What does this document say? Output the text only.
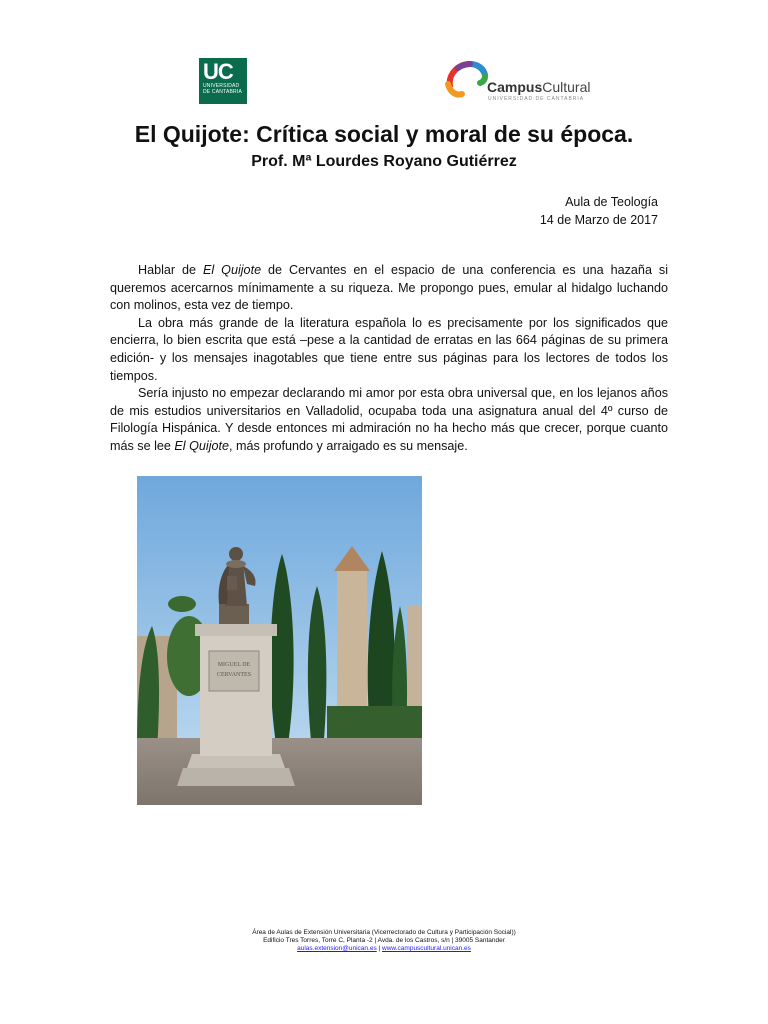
UC
UNIVERSIDAD
DE CANTABRIA	CampusCultural
UNIVERSIDAD DE CANTABRIA
El Quijote: Crítica social y moral de su época.
Prof. Mª Lourdes Royano Gutiérrez
Aula de Teología
14 de Marzo de 2017

Hablar de El Quijote de Cervantes en el espacio de una conferencia es una hazaña si queremos acercarnos mínimamente a su riqueza. Me propongo pues, emular al hidalgo luchando con molinos, esta vez de tiempo.

La obra más grande de la literatura española lo es precisamente por los significados que encierra, lo bien escrita que está –pese a la cantidad de erratas en las 664 páginas de su primera edición- y los mensajes inagotables que tiene entre sus páginas para los lectores de todos los tiempos.

Sería injusto no empezar declarando mi amor por esta obra universal que, en los lejanos años de mis estudios universitarios en Valladolid, ocupaba toda una asignatura anual del 4º curso de Filología Hispánica. Y desde entonces mi admiración no ha hecho más que crecer, porque cuanto más se lee El Quijote, más profundo y arraigado es su mensaje.

MIGUEL DE
CERVANTES
Área de Aulas de Extensión Universitaria (Vicerrectorado de Cultura y Participación Social))
Edificio Tres Torres, Torre C, Planta -2 | Avda. de los Castros, s/n | 39005 Santander
aulas.extension@unican.es | www.campuscultural.unican.es
